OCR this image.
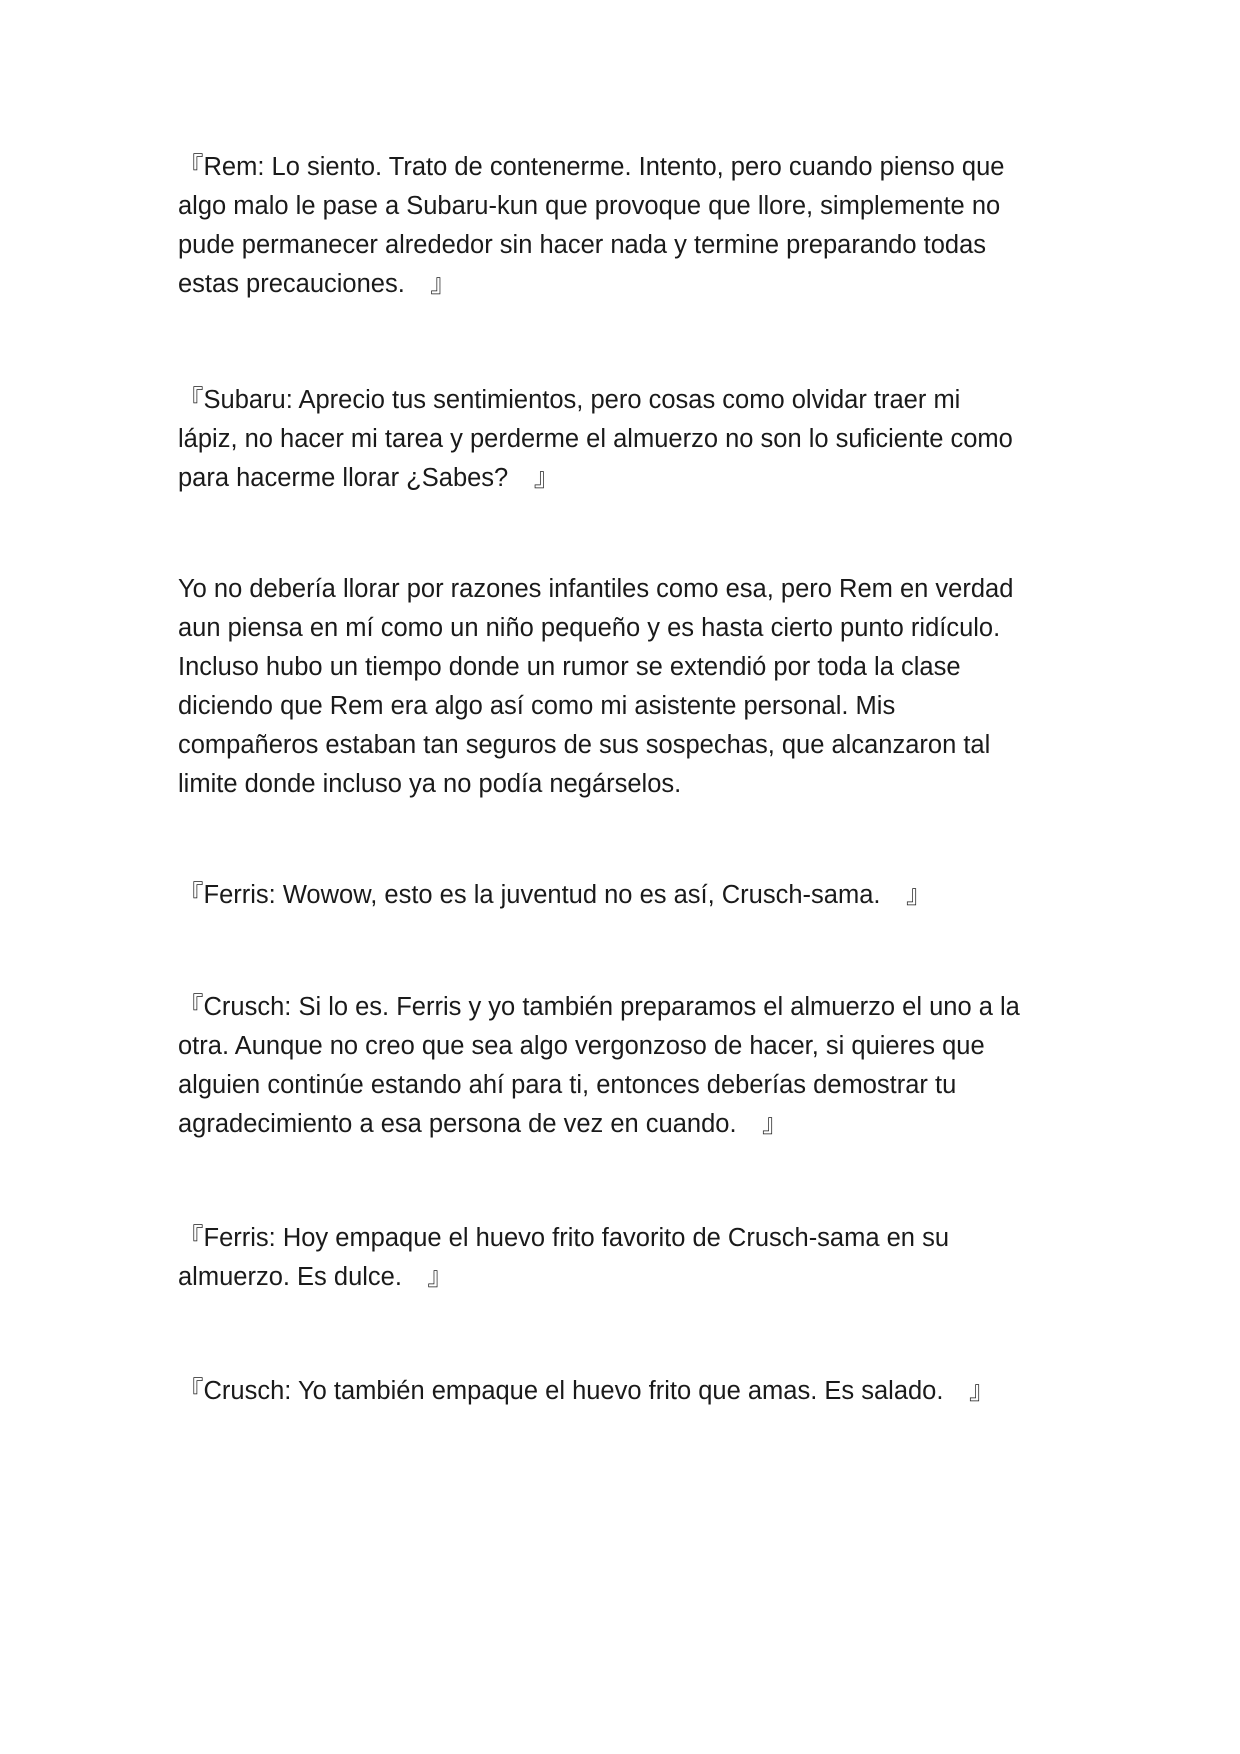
『Rem: Lo siento. Trato de contenerme. Intento, pero cuando pienso que
algo malo le pase a Subaru-kun que provoque que llore, simplemente no
pude permanecer alrededor sin hacer nada y termine preparando todas
estas precauciones.　』

『Subaru: Aprecio tus sentimientos, pero cosas como olvidar traer mi
lápiz, no hacer mi tarea y perderme el almuerzo no son lo suficiente como
para hacerme llorar ¿Sabes?　』

Yo no debería llorar por razones infantiles como esa, pero Rem en verdad
aun piensa en mí como un niño pequeño y es hasta cierto punto ridículo.
Incluso hubo un tiempo donde un rumor se extendió por toda la clase
diciendo que Rem era algo así como mi asistente personal. Mis
compañeros estaban tan seguros de sus sospechas, que alcanzaron tal
limite donde incluso ya no podía negárselos.

『Ferris: Wowow, esto es la juventud no es así, Crusch-sama.　』

『Crusch: Si lo es. Ferris y yo también preparamos el almuerzo el uno a la
otra. Aunque no creo que sea algo vergonzoso de hacer, si quieres que
alguien continúe estando ahí para ti, entonces deberías demostrar tu
agradecimiento a esa persona de vez en cuando.　』

『Ferris: Hoy empaque el huevo frito favorito de Crusch-sama en su
almuerzo. Es dulce.　』

『Crusch: Yo también empaque el huevo frito que amas. Es salado.　』
